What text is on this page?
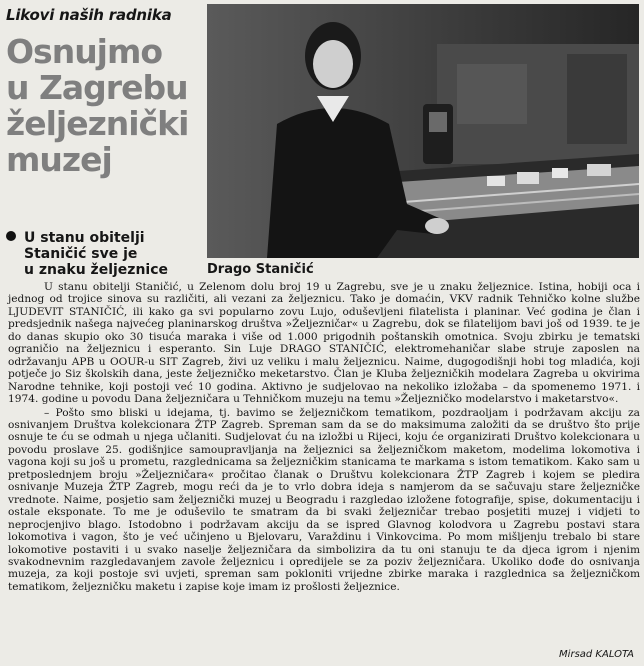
Likovi naših radnika
Osnujmo
u Zagrebu
željeznički
muzej
U stanu obitelji
Staničić sve je
u znaku željeznice	Drago Staničić

U stanu obitelji Staničić, u Zelenom dolu broj 19 u Zagrebu, sve je u znaku željeznice. Istina, hobiji oca i jednog od trojice sinova su različiti, ali vezani za željeznicu. Tako je domaćin, VKV radnik Tehničko kolne službe LJUDEVIT STANIČIĆ, ili kako ga svi popularno zovu Lujo, oduševljeni filatelista i planinar. Već godina je član i predsjednik našega najvećeg planinarskog društva »Željezničar« u Zagrebu, dok se filatelijom bavi još od 1939. te je do danas skupio oko 30 tisuća maraka i više od 1.000 prigodnih poštanskih omotnica. Svoju zbirku je tematski ograničio na željeznicu i esperanto. Sin Luje DRAGO STANIČIĆ, elektromehaničar slabe struje zaposlen na održavanju APB u OOUR-u SIT Zagreb, živi uz veliku i malu željeznicu. Naime, dugogodišnji hobi tog mladića, koji potječe jo Siz školskih dana, jeste željezničko meketarstvo. Član je Kluba željezničkih modelara Zagreba u okvirima Narodne tehnike, koji postoji već 10 godina. Aktivno je sudjelovao na nekoliko izložaba – da spomenemo 1971. i 1974. godine u povodu Dana željezničara u Tehničkom muzeju na temu »Željezničko modelarstvo i maketarstvo«.

– Pošto smo bliski u idejama, tj. bavimo se željezničkom tematikom, pozdraoljam i podržavam akciju za osnivanjem Društva kolekcionara ŽTP Zagreb. Spreman sam da se do maksimuma založiti da se društvo što prije osnuje te ću se odmah u njega učlaniti. Sudjelovat ću na izložbi u Rijeci, koju će organizirati Društvo kolekcionara u povodu proslave 25. godišnjice samoupravljanja na željeznici sa željezničkom maketom, modelima lokomotiva i vagona koji su još u prometu, razglednicama sa željezničkim stanicama te markama s istom tematikom. Kako sam u pretposlednjem broju »Željezničara« pročitao članak o Društvu kolekcionara ŽTP Zagreb i kojem se pledira osnivanje Muzeja ŽTP Zagreb, mogu reći da je to vrlo dobra ideja s namjerom da se sačuvaju stare željezničke vrednote. Naime, posjetio sam željeznički muzej u Beogradu i razgledao izložene fotografije, spise, dokumentaciju i ostale eksponate. To me je oduševilo te smatram da bi svaki željezničar trebao posjetiti muzej i vidjeti to neprocjenjivo blago. Istodobno i podržavam akciju da se ispred Glavnog kolodvora u Zagrebu postavi stara lokomotiva i vagon, što je već učinjeno u Bjelovaru, Varaždinu i Vinkovcima. Po mom mišljenju trebalo bi stare lokomotive postaviti i u svako naselje željezničara da simbolizira da tu oni stanuju te da djeca igrom i njenim svakodnevnim razgledavanjem zavole željeznicu i opredijele se za poziv željezničara. Ukoliko dođe do osnivanja muzeja, za koji postoje svi uvjeti, spreman sam pokloniti vrijedne zbirke maraka i razglednica sa željezničkom tematikom, željezničku maketu i zapise koje imam iz prošlosti željeznice.

Mirsad KALOTA
